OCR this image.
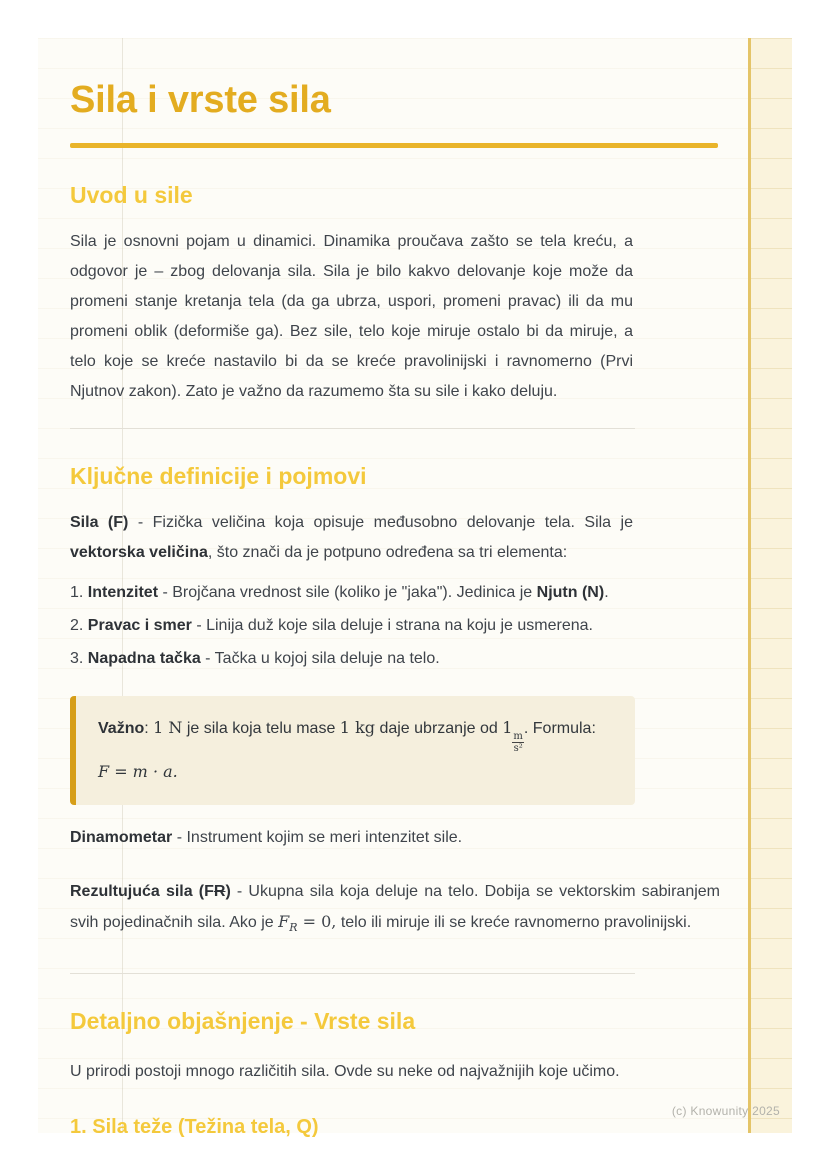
Sila i vrste sila
Uvod u sile

Sila je osnovni pojam u dinamici. Dinamika proučava zašto se tela kreću, a odgovor je – zbog delovanja sila. Sila je bilo kakvo delovanje koje može da promeni stanje kretanja tela (da ga ubrza, uspori, promeni pravac) ili da mu promeni oblik (deformiše ga). Bez sile, telo koje miruje ostalo bi da miruje, a telo koje se kreće nastavilo bi da se kreće pravolinijski i ravnomerno (Prvi Njutnov zakon). Zato je važno da razumemo šta su sile i kako deluju.

Ključne definicije i pojmovi

Sila (F) - Fizička veličina koja opisuje međusobno delovanje tela. Sila je vektorska veličina, što znači da je potpuno određena sa tri elementa:

1. Intenzitet - Brojčana vrednost sile (koliko je "jaka"). Jedinica je Njutn (N).

2. Pravac i smer - Linija duž koje sila deluje i strana na koju je usmerena.

3. Napadna tačka - Tačka u kojoj sila deluje na telo.

Važno: 1 N je sila koja telu mase 1 kg daje ubrzanje od 1
$\frac{m}{\text{s²}}$
. Formula:

F = m · a.

Dinamometar - Instrument kojim se meri intenzitet sile.

Rezultujuća sila (FR) - Ukupna sila koja deluje na telo. Dobija se vektorskim sabiranjem svih pojedinačnih sila. Ako je $F_R = 0$, telo ili miruje ili se kreće ravnomerno pravolinijski.

Detaljno objašnjenje - Vrste sila

U prirodi postoji mnogo različitih sila. Ovde su neke od najvažnijih koje učimo.

1. Sila teže (Težina tela, Q)
(c) Knowunity 2025
